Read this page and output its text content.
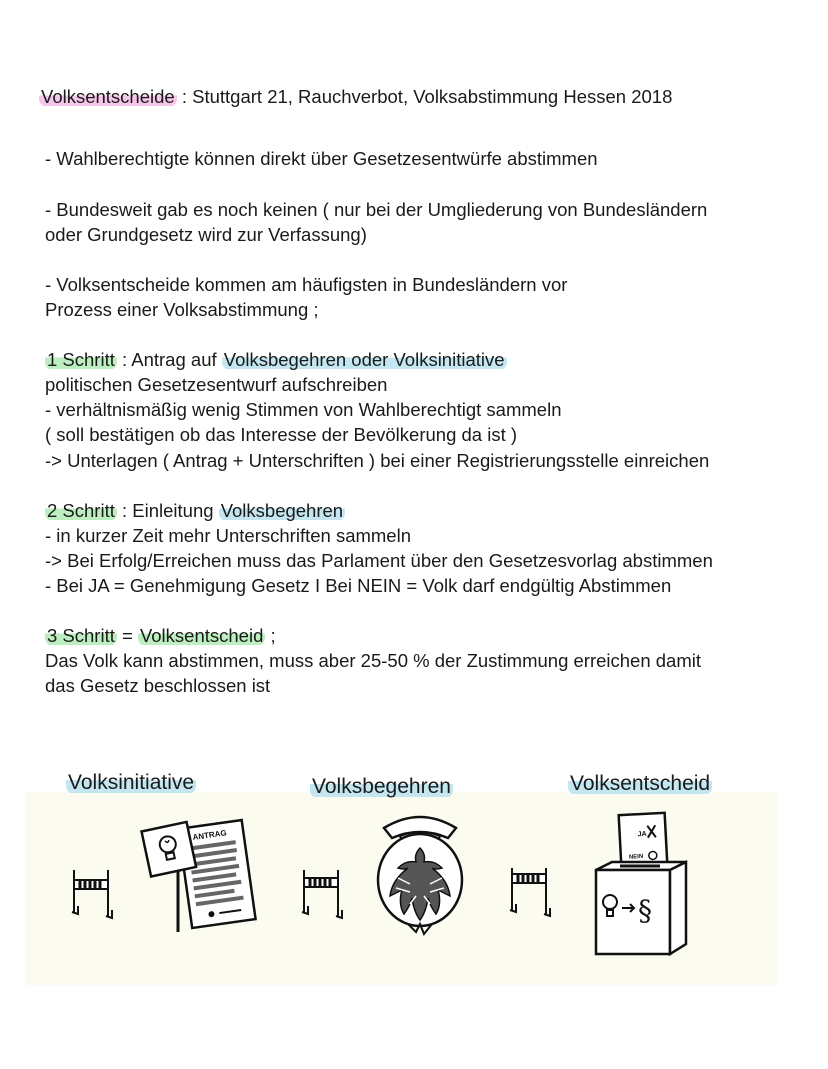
Volksentscheide : Stuttgart 21, Rauchverbot, Volksabstimmung Hessen 2018
- Wahlberechtigte können direkt über Gesetzesentwürfe abstimmen
- Bundesweit gab es noch keinen ( nur bei der Umgliederung von Bundesländern
oder Grundgesetz wird zur Verfassung)
- Volksentscheide kommen am häufigsten in Bundesländern vor
Prozess einer Volksabstimmung ;
1 Schritt : Antrag auf Volksbegehren oder Volksinitiative
politischen Gesetzesentwurf aufschreiben
- verhältnismäßig wenig Stimmen von Wahlberechtigt sammeln
( soll bestätigen ob das Interesse der Bevölkerung da ist )
-> Unterlagen ( Antrag + Unterschriften ) bei einer Registrierungsstelle einreichen
2 Schritt : Einleitung Volksbegehren
- in kurzer Zeit mehr Unterschriften sammeln
-> Bei Erfolg/Erreichen muss das Parlament über den Gesetzesvorlag abstimmen
- Bei JA = Genehmigung Gesetz I Bei NEIN = Volk darf endgültig Abstimmen
3 Schritt = Volksentscheid ;
Das Volk kann abstimmen, muss aber 25-50 % der Zustimmung erreichen damit
das Gesetz beschlossen ist
Volksinitiative	Volksbegehren	Volksentscheid
ANTRAG	JA
NEIN
§
